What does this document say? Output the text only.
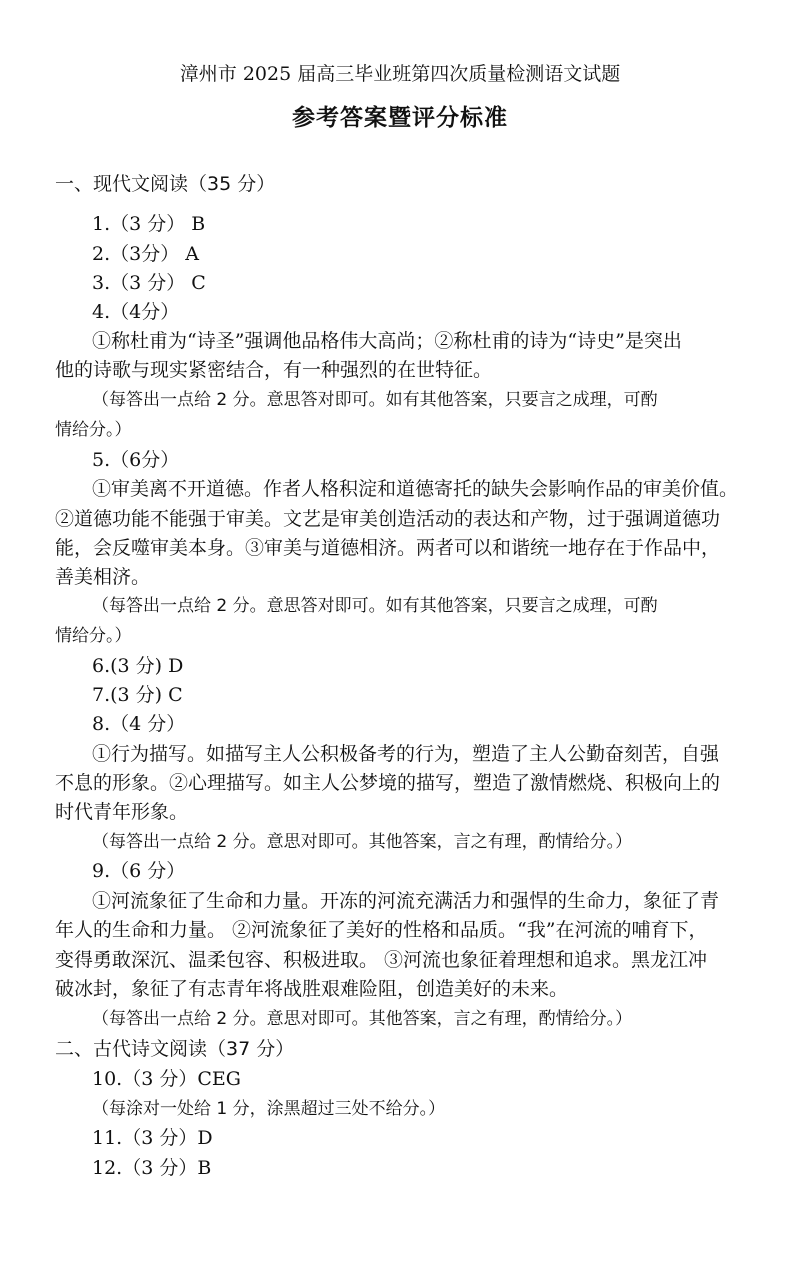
漳州市 2025 届高三毕业班第四次质量检测语文试题
参考答案暨评分标准
一、现代文阅读（35 分）
1.（3 分） B
2.（3分） A
3.（3 分） C
4.（4分）
①称杜甫为“诗圣”强调他品格伟大高尚；②称杜甫的诗为“诗史”是突出
他的诗歌与现实紧密结合，有一种强烈的在世特征。
（每答出一点给 2 分。意思答对即可。如有其他答案，只要言之成理，可酌
情给分。）
5.（6分）
①审美离不开道德。作者人格积淀和道德寄托的缺失会影响作品的审美价值。
②道德功能不能强于审美。文艺是审美创造活动的表达和产物，过于强调道德功
能，会反噬审美本身。③审美与道德相济。两者可以和谐统一地存在于作品中，
善美相济。
（每答出一点给 2 分。意思答对即可。如有其他答案，只要言之成理，可酌
情给分。）
6.(3 分) D
7.(3 分) C
8.（4 分）
①行为描写。如描写主人公积极备考的行为，塑造了主人公勤奋刻苦，自强
不息的形象。②心理描写。如主人公梦境的描写，塑造了激情燃烧、积极向上的
时代青年形象。
（每答出一点给 2 分。意思对即可。其他答案，言之有理，酌情给分。）
9.（6 分）
①河流象征了生命和力量。开冻的河流充满活力和强悍的生命力，象征了青
年人的生命和力量。 ②河流象征了美好的性格和品质。“我”在河流的哺育下，
变得勇敢深沉、温柔包容、积极进取。 ③河流也象征着理想和追求。黑龙江冲
破冰封，象征了有志青年将战胜艰难险阻，创造美好的未来。
（每答出一点给 2 分。意思对即可。其他答案，言之有理，酌情给分。）
二、古代诗文阅读（37 分）
10.（3 分）CEG
（每涂对一处给 1 分，涂黑超过三处不给分。）
11.（3 分）D
12.（3 分）B
